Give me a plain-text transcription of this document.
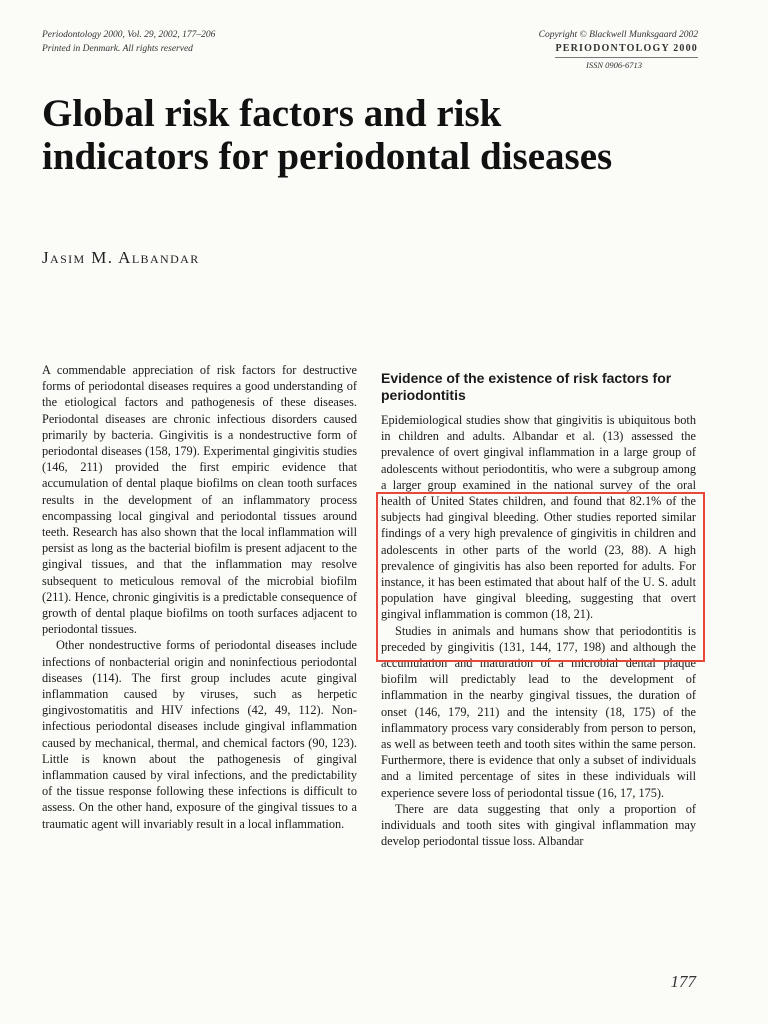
Periodontology 2000, Vol. 29, 2002, 177–206
Printed in Denmark. All rights reserved
Copyright © Blackwell Munksgaard 2002
PERIODONTOLOGY 2000
ISSN 0906-6713
Global risk factors and risk indicators for periodontal diseases
Jasim M. Albandar

A commendable appreciation of risk factors for destructive forms of periodontal diseases requires a good understanding of the etiological factors and pathogenesis of these diseases. Periodontal diseases are chronic infectious disorders caused primarily by bacteria. Gingivitis is a nondestructive form of periodontal diseases (158, 179). Experimental gingivitis studies (146, 211) provided the first empiric evidence that accumulation of dental plaque biofilms on clean tooth surfaces results in the development of an inflammatory process encompassing local gingival and periodontal tissues around teeth. Research has also shown that the local inflammation will persist as long as the bacterial biofilm is present adjacent to the gingival tissues, and that the inflammation may resolve subsequent to meticulous removal of the microbial biofilm (211). Hence, chronic gingivitis is a predictable consequence of growth of dental plaque biofilms on tooth surfaces adjacent to periodontal tissues.

Other nondestructive forms of periodontal diseases include infections of nonbacterial origin and noninfectious periodontal diseases (114). The first group includes acute gingival inflammation caused by viruses, such as herpetic gingivostomatitis and HIV infections (42, 49, 112). Non-infectious periodontal diseases include gingival inflammation caused by mechanical, thermal, and chemical factors (90, 123). Little is known about the pathogenesis of gingival inflammation caused by viral infections, and the predictability of the tissue response following these infections is difficult to assess. On the other hand, exposure of the gingival tissues to a traumatic agent will invariably result in a local inflammation.

Evidence of the existence of risk factors for periodontitis

Epidemiological studies show that gingivitis is ubiquitous both in children and adults. Albandar et al. (13) assessed the prevalence of overt gingival inflammation in a large group of adolescents without periodontitis, who were a subgroup among a larger group examined in the national survey of the oral health of United States children, and found that 82.1% of the subjects had gingival bleeding. Other studies reported similar findings of a very high prevalence of gingivitis in children and adolescents in other parts of the world (23, 88). A high prevalence of gingivitis has also been reported for adults. For instance, it has been estimated that about half of the U. S. adult population have gingival bleeding, suggesting that overt gingival inflammation is common (18, 21).

Studies in animals and humans show that periodontitis is preceded by gingivitis (131, 144, 177, 198) and although the accumulation and maturation of a microbial dental plaque biofilm will predictably lead to the development of inflammation in the nearby gingival tissues, the duration of onset (146, 179, 211) and the intensity (18, 175) of the inflammatory process vary considerably from person to person, as well as between teeth and tooth sites within the same person. Furthermore, there is evidence that only a subset of individuals and a limited percentage of sites in these individuals will experience severe loss of periodontal tissue (16, 17, 175).

There are data suggesting that only a proportion of individuals and tooth sites with gingival inflammation may develop periodontal tissue loss. Albandar

177
